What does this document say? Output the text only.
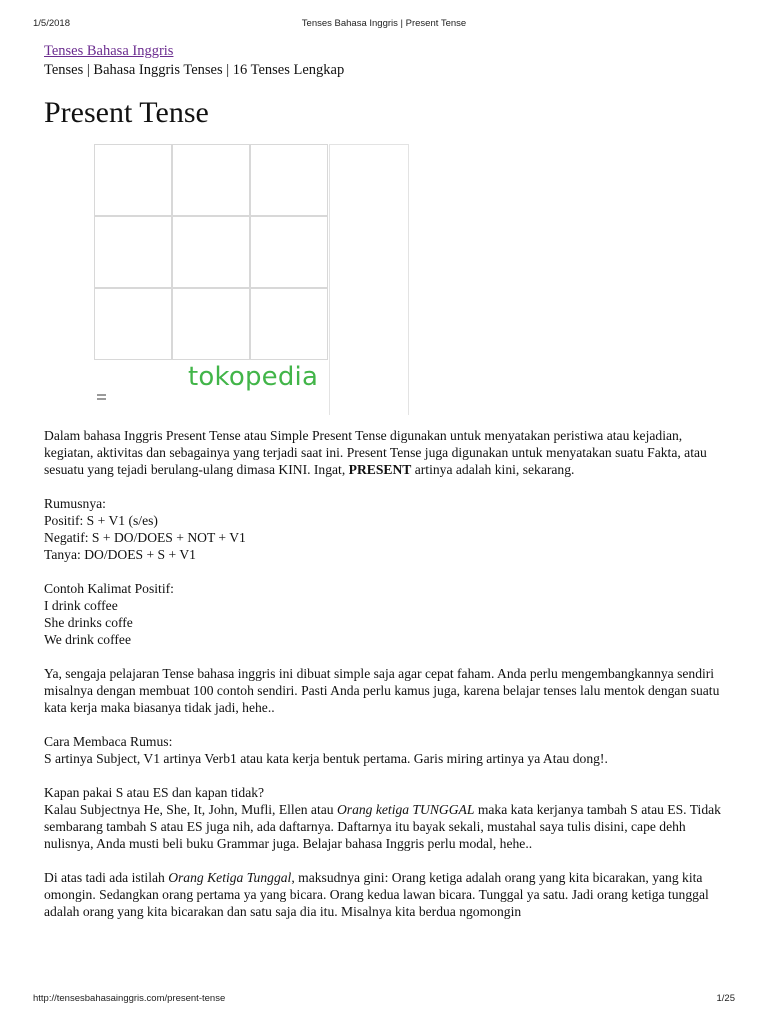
1/5/2018	Tenses Bahasa Inggris | Present Tense
Tenses Bahasa Inggris

Tenses | Bahasa Inggris Tenses | 16 Tenses Lengkap

Present Tense
tokopedia

Dalam bahasa Inggris Present Tense atau Simple Present Tense digunakan untuk menyatakan peristiwa atau kejadian, kegiatan, aktivitas dan sebagainya yang terjadi saat ini. Present Tense juga digunakan untuk menyatakan suatu Fakta, atau sesuatu yang tejadi berulang-ulang dimasa KINI. Ingat, PRESENT artinya adalah kini, sekarang.

Rumusnya:

Positif: S + V1 (s/es)

Negatif: S + DO/DOES + NOT + V1

Tanya: DO/DOES + S + V1

Contoh Kalimat Positif:

I drink coffee

She drinks coffe

We drink coffee

Ya, sengaja pelajaran Tense bahasa inggris ini dibuat simple saja agar cepat faham. Anda perlu mengembangkannya sendiri misalnya dengan membuat 100 contoh sendiri. Pasti Anda perlu kamus juga, karena belajar tenses lalu mentok dengan suatu kata kerja maka biasanya tidak jadi, hehe..

Cara Membaca Rumus:

S artinya Subject, V1 artinya Verb1 atau kata kerja bentuk pertama. Garis miring artinya ya Atau dong!.

Kapan pakai S atau ES dan kapan tidak?

Kalau Subjectnya He, She, It, John, Mufli, Ellen atau Orang ketiga TUNGGAL maka kata kerjanya tambah S atau ES. Tidak sembarang tambah S atau ES juga nih, ada daftarnya. Daftarnya itu bayak sekali, mustahal saya tulis disini, cape dehh nulisnya, Anda musti beli buku Grammar juga. Belajar bahasa Inggris perlu modal, hehe..

Di atas tadi ada istilah Orang Ketiga Tunggal, maksudnya gini: Orang ketiga adalah orang yang kita bicarakan, yang kita omongin. Sedangkan orang pertama ya yang bicara. Orang kedua lawan bicara. Tunggal ya satu. Jadi orang ketiga tunggal adalah orang yang kita bicarakan dan satu saja dia itu. Misalnya kita berdua ngomongin

http://tensesbahasainggris.com/present-tense	1/25
